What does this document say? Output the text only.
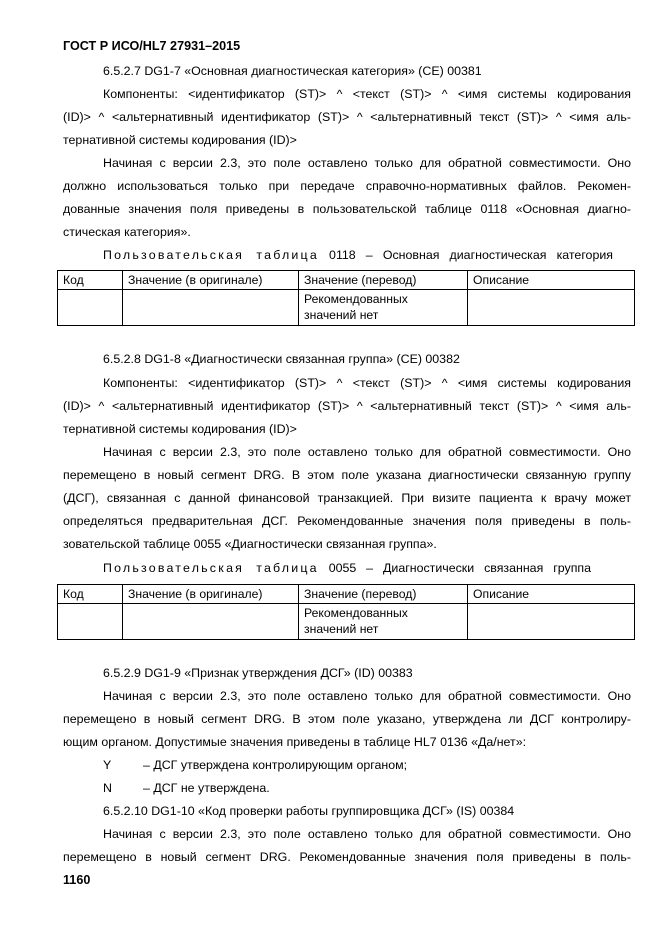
ГОСТ Р ИСО/HL7 27931–2015
6.5.2.7 DG1-7 «Основная диагностическая категория» (CE) 00381
Компоненты: <идентификатор (ST)> ^ <текст (ST)> ^ <имя системы кодирования
(ID)> ^ <альтернативный идентификатор (ST)> ^ <альтернативный текст (ST)> ^ <имя аль-
тернативной системы кодирования (ID)>
Начиная с версии 2.3, это поле оставлено только для обратной совместимости. Оно
должно использоваться только при передаче справочно-нормативных файлов. Рекомен-
дованные значения поля приведены в пользовательской таблице 0118 «Основная диагно-
стическая категория».
Пользовательская таблица 0118 – Основная диагностическая категория
Код	Значение (в оригинале)	Значение (перевод)	Описание

		Рекомендованных значений нет	

6.5.2.8 DG1-8 «Диагностически связанная группа» (CE) 00382
Компоненты: <идентификатор (ST)> ^ <текст (ST)> ^ <имя системы кодирования
(ID)> ^ <альтернативный идентификатор (ST)> ^ <альтернативный текст (ST)> ^ <имя аль-
тернативной системы кодирования (ID)>
Начиная с версии 2.3, это поле оставлено только для обратной совместимости. Оно
перемещено в новый сегмент DRG. В этом поле указана диагностически связанную группу
(ДСГ), связанная с данной финансовой транзакцией. При визите пациента к врачу может
определяться предварительная ДСГ. Рекомендованные значения поля приведены в поль-
зовательской таблице 0055 «Диагностически связанная группа».
Пользовательская таблица 0055 – Диагностически связанная группа
Код	Значение (в оригинале)	Значение (перевод)	Описание

		Рекомендованных значений нет	

6.5.2.9 DG1-9 «Признак утверждения ДСГ» (ID) 00383
Начиная с версии 2.3, это поле оставлено только для обратной совместимости. Оно
перемещено в новый сегмент DRG. В этом поле указано, утверждена ли ДСГ контролиру-
ющим органом. Допустимые значения приведены в таблице HL7 0136 «Да/нет»:
Y	– ДСГ утверждена контролирующим органом;
N	– ДСГ не утверждена.
6.5.2.10 DG1-10 «Код проверки работы группировщика ДСГ» (IS) 00384
Начиная с версии 2.3, это поле оставлено только для обратной совместимости. Оно
перемещено в новый сегмент DRG. Рекомендованные значения поля приведены в поль-
1160
